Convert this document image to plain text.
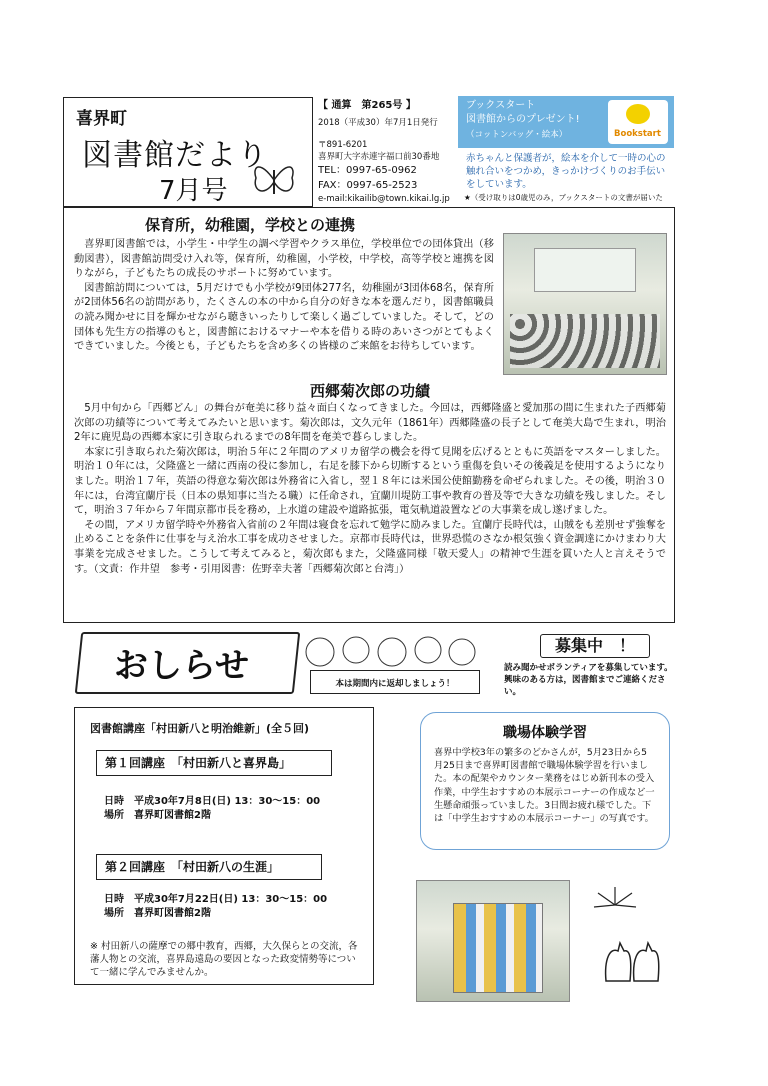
喜界町
図書館だより
7月号
【 通算　第265号 】
2018（平成30）年7月1日発行
〒891-6201
喜界町大字赤連字福口前30番地
TEL：0997-65-0962
FAX：0997-65-2523
e-mail:kikailib@town.kikai.lg.jp
ブックスタート
図書館からのプレゼント!
（コットンバッグ・絵本）	Bookstart
赤ちゃんと保護者が，絵本を介して一時の心の触れ合いをつかめ，きっかけづくりのお手伝いをしています。
★（受け取りは0歳児のみ，ブックスタートの文書が届いた
保育所，幼稚園，学校との連携
喜界町図書館では，小学生・中学生の調べ学習やクラス単位，学校単位での団体貸出（移動図書），図書館訪問受け入れ等，保育所，幼稚園，小学校，中学校，高等学校と連携を図りながら，子どもたちの成長のサポートに努めています。
図書館訪問については，5月だけでも小学校が9団体277名，幼稚園が3団体68名，保育所が2団体56名の訪問があり，たくさんの本の中から自分の好きな本を選んだり，図書館職員の読み聞かせに目を輝かせながら聴きいったりして楽しく過ごしていました。そして，どの団体も先生方の指導のもと，図書館におけるマナーや本を借りる時のあいさつがとてもよくできていました。今後とも，子どもたちを含め多くの皆様のご来館をお待ちしています。
西郷菊次郎の功績
5月中旬から「西郷どん」の舞台が奄美に移り益々面白くなってきました。今回は，西郷隆盛と愛加那の間に生まれた子西郷菊次郎の功績等について考えてみたいと思います。菊次郎は，文久元年（1861年）西郷隆盛の長子として奄美大島で生まれ，明治2年に鹿児島の西郷本家に引き取られるまでの8年間を奄美で暮らしました。
本家に引き取られた菊次郎は，明治５年に２年間のアメリカ留学の機会を得て見聞を広げるとともに英語をマスターしました。明治１０年には，父隆盛と一緒に西南の役に参加し，右足を膝下から切断するという重傷を負いその後義足を使用するようになりました。明治１７年，英語の得意な菊次郎は外務省に入省し，翌１８年には米国公使館勤務を命ぜられました。その後，明治３０年には，台湾宜蘭庁長（日本の県知事に当たる職）に任命され，宜蘭川堤防工事や教育の普及等で大きな功績を残しました。そして，明治３７年から７年間京都市長を務め，上水道の建設や道路拡張，電気軌道設置などの大事業を成し遂げました。
その間，アメリカ留学時や外務省入省前の２年間は寝食を忘れて勉学に励みました。宜蘭庁長時代は，山賊をも差別せず強奪を止めることを条件に仕事を与え治水工事を成功させました。京都市長時代は，世界恐慌のさなか根気強く資金調達にかけまわり大事業を完成させました。こうして考えてみると，菊次郎もまた，父隆盛同様「敬天愛人」の精神で生涯を貫いた人と言えそうです。（文責：作井望　参考・引用図書：佐野幸夫著「西郷菊次郎と台湾」）
おしらせ	本は期間内に返却しましょう！
募集中　！
読み聞かせボランティアを募集しています。興味のある方は，図書館までご連絡ください。
図書館講座「村田新八と明治維新」(全５回)
第１回講座　「村田新八と喜界島」
日時　平成30年7月8日(日) 13：30～15：00
場所　喜界町図書館2階
第２回講座　「村田新八の生涯」
日時　平成30年7月22日(日) 13：30～15：00
場所　喜界町図書館2階
※ 村田新八の薩摩での郷中教育，西郷，大久保らとの交流，各藩人物との交流，喜界島遠島の要因となった政変情勢等について一緒に学んでみませんか。
職場体験学習
喜界中学校3年の繁多のどかさんが，5月23日から5月25日まで喜界町図書館で職場体験学習を行いました。本の配架やカウンター業務をはじめ新刊本の受入作業，中学生おすすめの本展示コーナーの作成など一生懸命頑張っていました。3日間お疲れ様でした。下は「中学生おすすめの本展示コーナー」の写真です。
